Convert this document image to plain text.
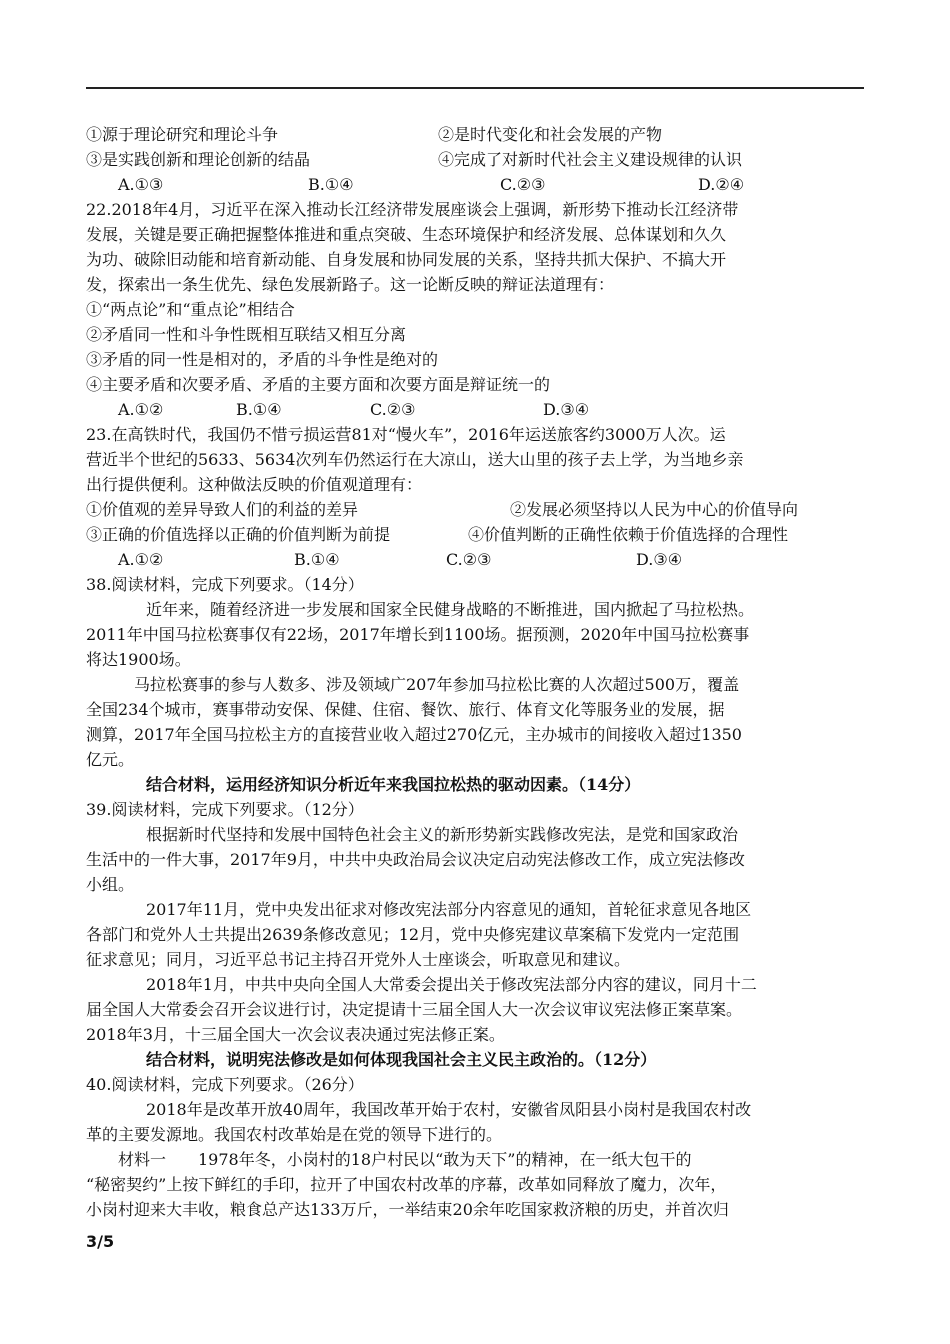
①源于理论研究和理论斗争	②是时代变化和社会发展的产物
③是实践创新和理论创新的结晶	④完成了对新时代社会主义建设规律的认识
A.①③	B.①④	C.②③	D.②④
22.2018年4月，习近平在深入推动长江经济带发展座谈会上强调，新形势下推动长江经济带
发展，关键是要正确把握整体推进和重点突破、生态环境保护和经济发展、总体谋划和久久
为功、破除旧动能和培育新动能、自身发展和协同发展的关系，坚持共抓大保护、不搞大开
发，探索出一条生优先、绿色发展新路子。这一论断反映的辩证法道理有：
①“两点论”和“重点论”相结合
②矛盾同一性和斗争性既相互联结又相互分离
③矛盾的同一性是相对的，矛盾的斗争性是绝对的
④主要矛盾和次要矛盾、矛盾的主要方面和次要方面是辩证统一的
A.①②	B.①④	C.②③	D.③④
23.在高铁时代，我国仍不惜亏损运营81对“慢火车”，2016年运送旅客约3000万人次。运
营近半个世纪的5633、5634次列车仍然运行在大凉山，送大山里的孩子去上学，为当地乡亲
出行提供便利。这种做法反映的价值观道理有：
①价值观的差异导致人们的利益的差异	②发展必须坚持以人民为中心的价值导向
③正确的价值选择以正确的价值判断为前提	④价值判断的正确性依赖于价值选择的合理性
A.①②	B.①④	C.②③	D.③④
38.阅读材料，完成下列要求。（14分）
近年来，随着经济进一步发展和国家全民健身战略的不断推进，国内掀起了马拉松热。
2011年中国马拉松赛事仅有22场，2017年增长到1100场。据预测，2020年中国马拉松赛事
将达1900场。
马拉松赛事的参与人数多、涉及领域广207年参加马拉松比赛的人次超过500万，覆盖
全国234个城市，赛事带动安保、保健、住宿、餐饮、旅行、体育文化等服务业的发展，据
测算，2017年全国马拉松主方的直接营业收入超过270亿元，主办城市的间接收入超过1350
亿元。
结合材料，运用经济知识分析近年来我国拉松热的驱动因素。（14分）
39.阅读材料，完成下列要求。（12分）
根据新时代坚持和发展中国特色社会主义的新形势新实践修改宪法，是党和国家政治
生活中的一件大事，2017年9月，中共中央政治局会议决定启动宪法修改工作，成立宪法修改
小组。
2017年11月，党中央发出征求对修改宪法部分内容意见的通知，首轮征求意见各地区
各部门和党外人士共提出2639条修改意见；12月，党中央修宪建议草案稿下发党内一定范围
征求意见；同月，习近平总书记主持召开党外人士座谈会，听取意见和建议。
2018年1月，中共中央向全国人大常委会提出关于修改宪法部分内容的建议，同月十二
届全国人大常委会召开会议进行讨，决定提请十三届全国人大一次会议审议宪法修正案草案。
2018年3月，十三届全国大一次会议表决通过宪法修正案。
结合材料，说明宪法修改是如何体现我国社会主义民主政治的。（12分）
40.阅读材料，完成下列要求。（26分）
2018年是改革开放40周年，我国改革开始于农村，安徽省凤阳县小岗村是我国农村改
革的主要发源地。我国农村改革始是在党的领导下进行的。
材料一　　1978年冬，小岗村的18户村民以“敢为天下”的精神，在一纸大包干的
“秘密契约”上按下鲜红的手印，拉开了中国农村改革的序幕，改革如同释放了魔力，次年，
小岗村迎来大丰收，粮食总产达133万斤，一举结束20余年吃国家救济粮的历史，并首次归
3/5
